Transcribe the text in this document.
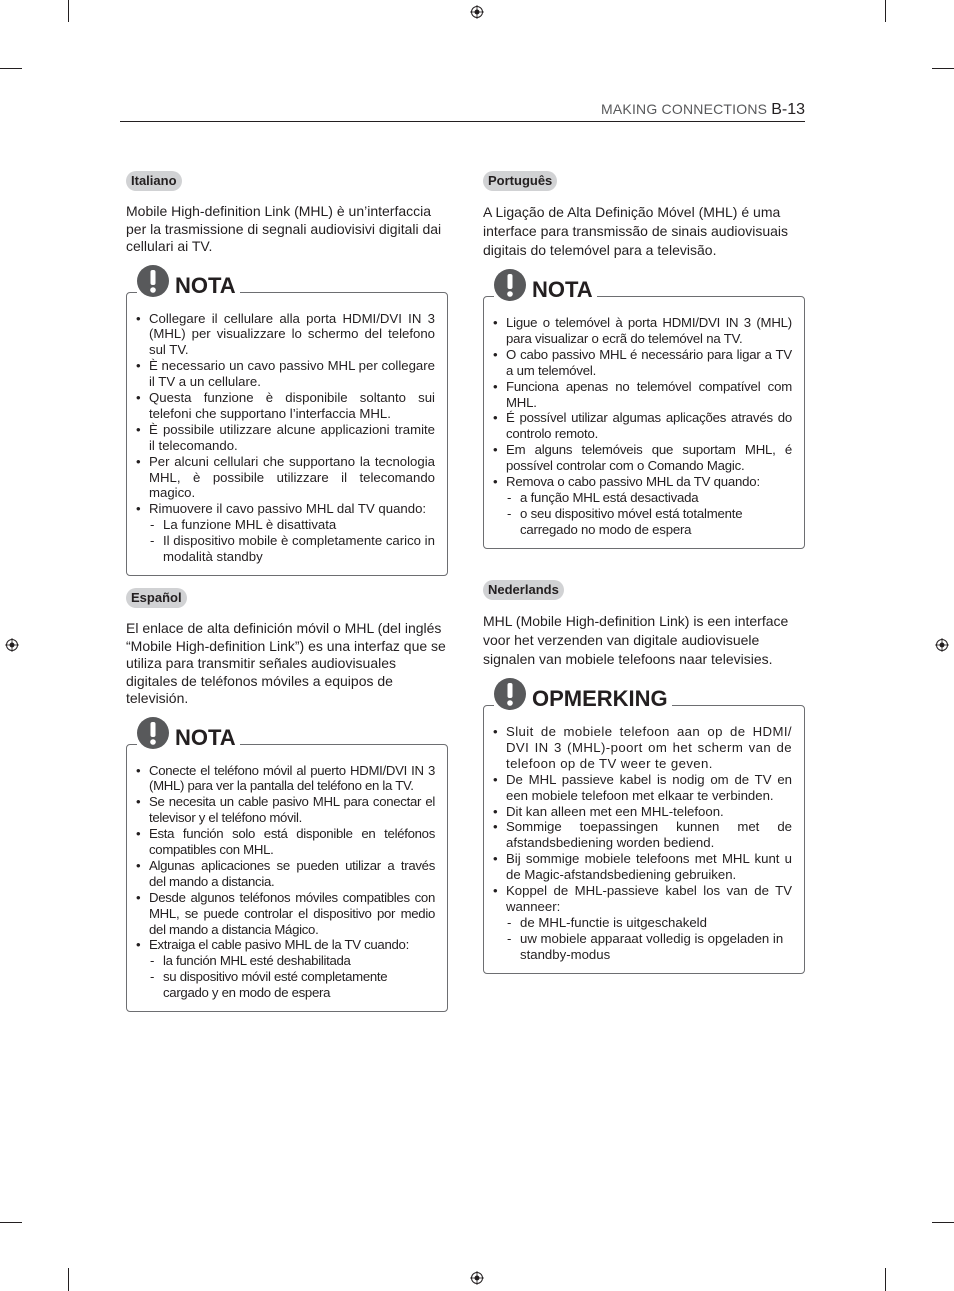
MAKING CONNECTIONS B-13
Italiano
Mobile High-definition Link (MHL) è un’interfaccia per la trasmissione di segnali audiovisivi digitali dai cellulari ai TV.
NOTA
• Collegare il cellulare alla porta HDMI/DVI IN 3 (MHL) per visualizzare lo schermo del telefono sul TV.
• È necessario un cavo passivo MHL per collegare il TV a un cellulare.
• Questa funzione è disponibile soltanto sui telefoni che supportano l’interfaccia MHL.
• È possibile utilizzare alcune applicazioni tramite il telecomando.
• Per alcuni cellulari che supportano la tecnologia MHL, è possibile utilizzare il telecomando magico.
• Rimuovere il cavo passivo MHL dal TV quando:
- La funzione MHL è disattivata
- Il dispositivo mobile è completamente carico in modalità standby
Español
El enlace de alta definición móvil o MHL (del inglés “Mobile High-definition Link”) es una interfaz que se utiliza para transmitir señales audiovisuales digitales de teléfonos móviles a equipos de televisión.
NOTA
• Conecte el teléfono móvil al puerto HDMI/DVI IN 3 (MHL) para ver la pantalla del teléfono en la TV.
• Se necesita un cable pasivo MHL para conectar el televisor y el teléfono móvil.
• Esta función solo está disponible en teléfonos compatibles con MHL.
• Algunas aplicaciones se pueden utilizar a través del mando a distancia.
• Desde algunos teléfonos móviles compatibles con MHL, se puede controlar el dispositivo por medio del mando a distancia Mágico.
• Extraiga el cable pasivo MHL de la TV cuando:
- la función MHL esté deshabilitada
- su dispositivo móvil esté completamente cargado y en modo de espera
Português
A Ligação de Alta Definição Móvel (MHL) é uma interface para transmissão de sinais audiovisuais digitais do telemóvel para a televisão.
NOTA
• Ligue o telemóvel à porta HDMI/DVI IN 3 (MHL) para visualizar o ecrã do telemóvel na TV.
• O cabo passivo MHL é necessário para ligar a TV a um telemóvel.
• Funciona apenas no telemóvel compatível com MHL.
• É possível utilizar algumas aplicações através do controlo remoto.
• Em alguns telemóveis que suportam MHL, é possível controlar com o Comando Magic.
• Remova o cabo passivo MHL da TV quando:
- a função MHL está desactivada
- o seu dispositivo móvel está totalmente carregado no modo de espera
Nederlands
MHL (Mobile High-definition Link) is een interface voor het verzenden van digitale audiovisuele signalen van mobiele telefoons naar televisies.
OPMERKING
• Sluit de mobiele telefoon aan op de HDMI/ DVI IN 3 (MHL)-poort om het scherm van de telefoon op de TV weer te geven.
• De MHL passieve kabel is nodig om de TV en een mobiele telefoon met elkaar te verbinden.
• Dit kan alleen met een MHL-telefoon.
• Sommige toepassingen kunnen met de afstandsbediening worden bediend.
• Bij sommige mobiele telefoons met MHL kunt u de Magic-afstandsbediening gebruiken.
• Koppel de MHL-passieve kabel los van de TV wanneer:
- de MHL-functie is uitgeschakeld
- uw mobiele apparaat volledig is opgeladen in standby-modus
